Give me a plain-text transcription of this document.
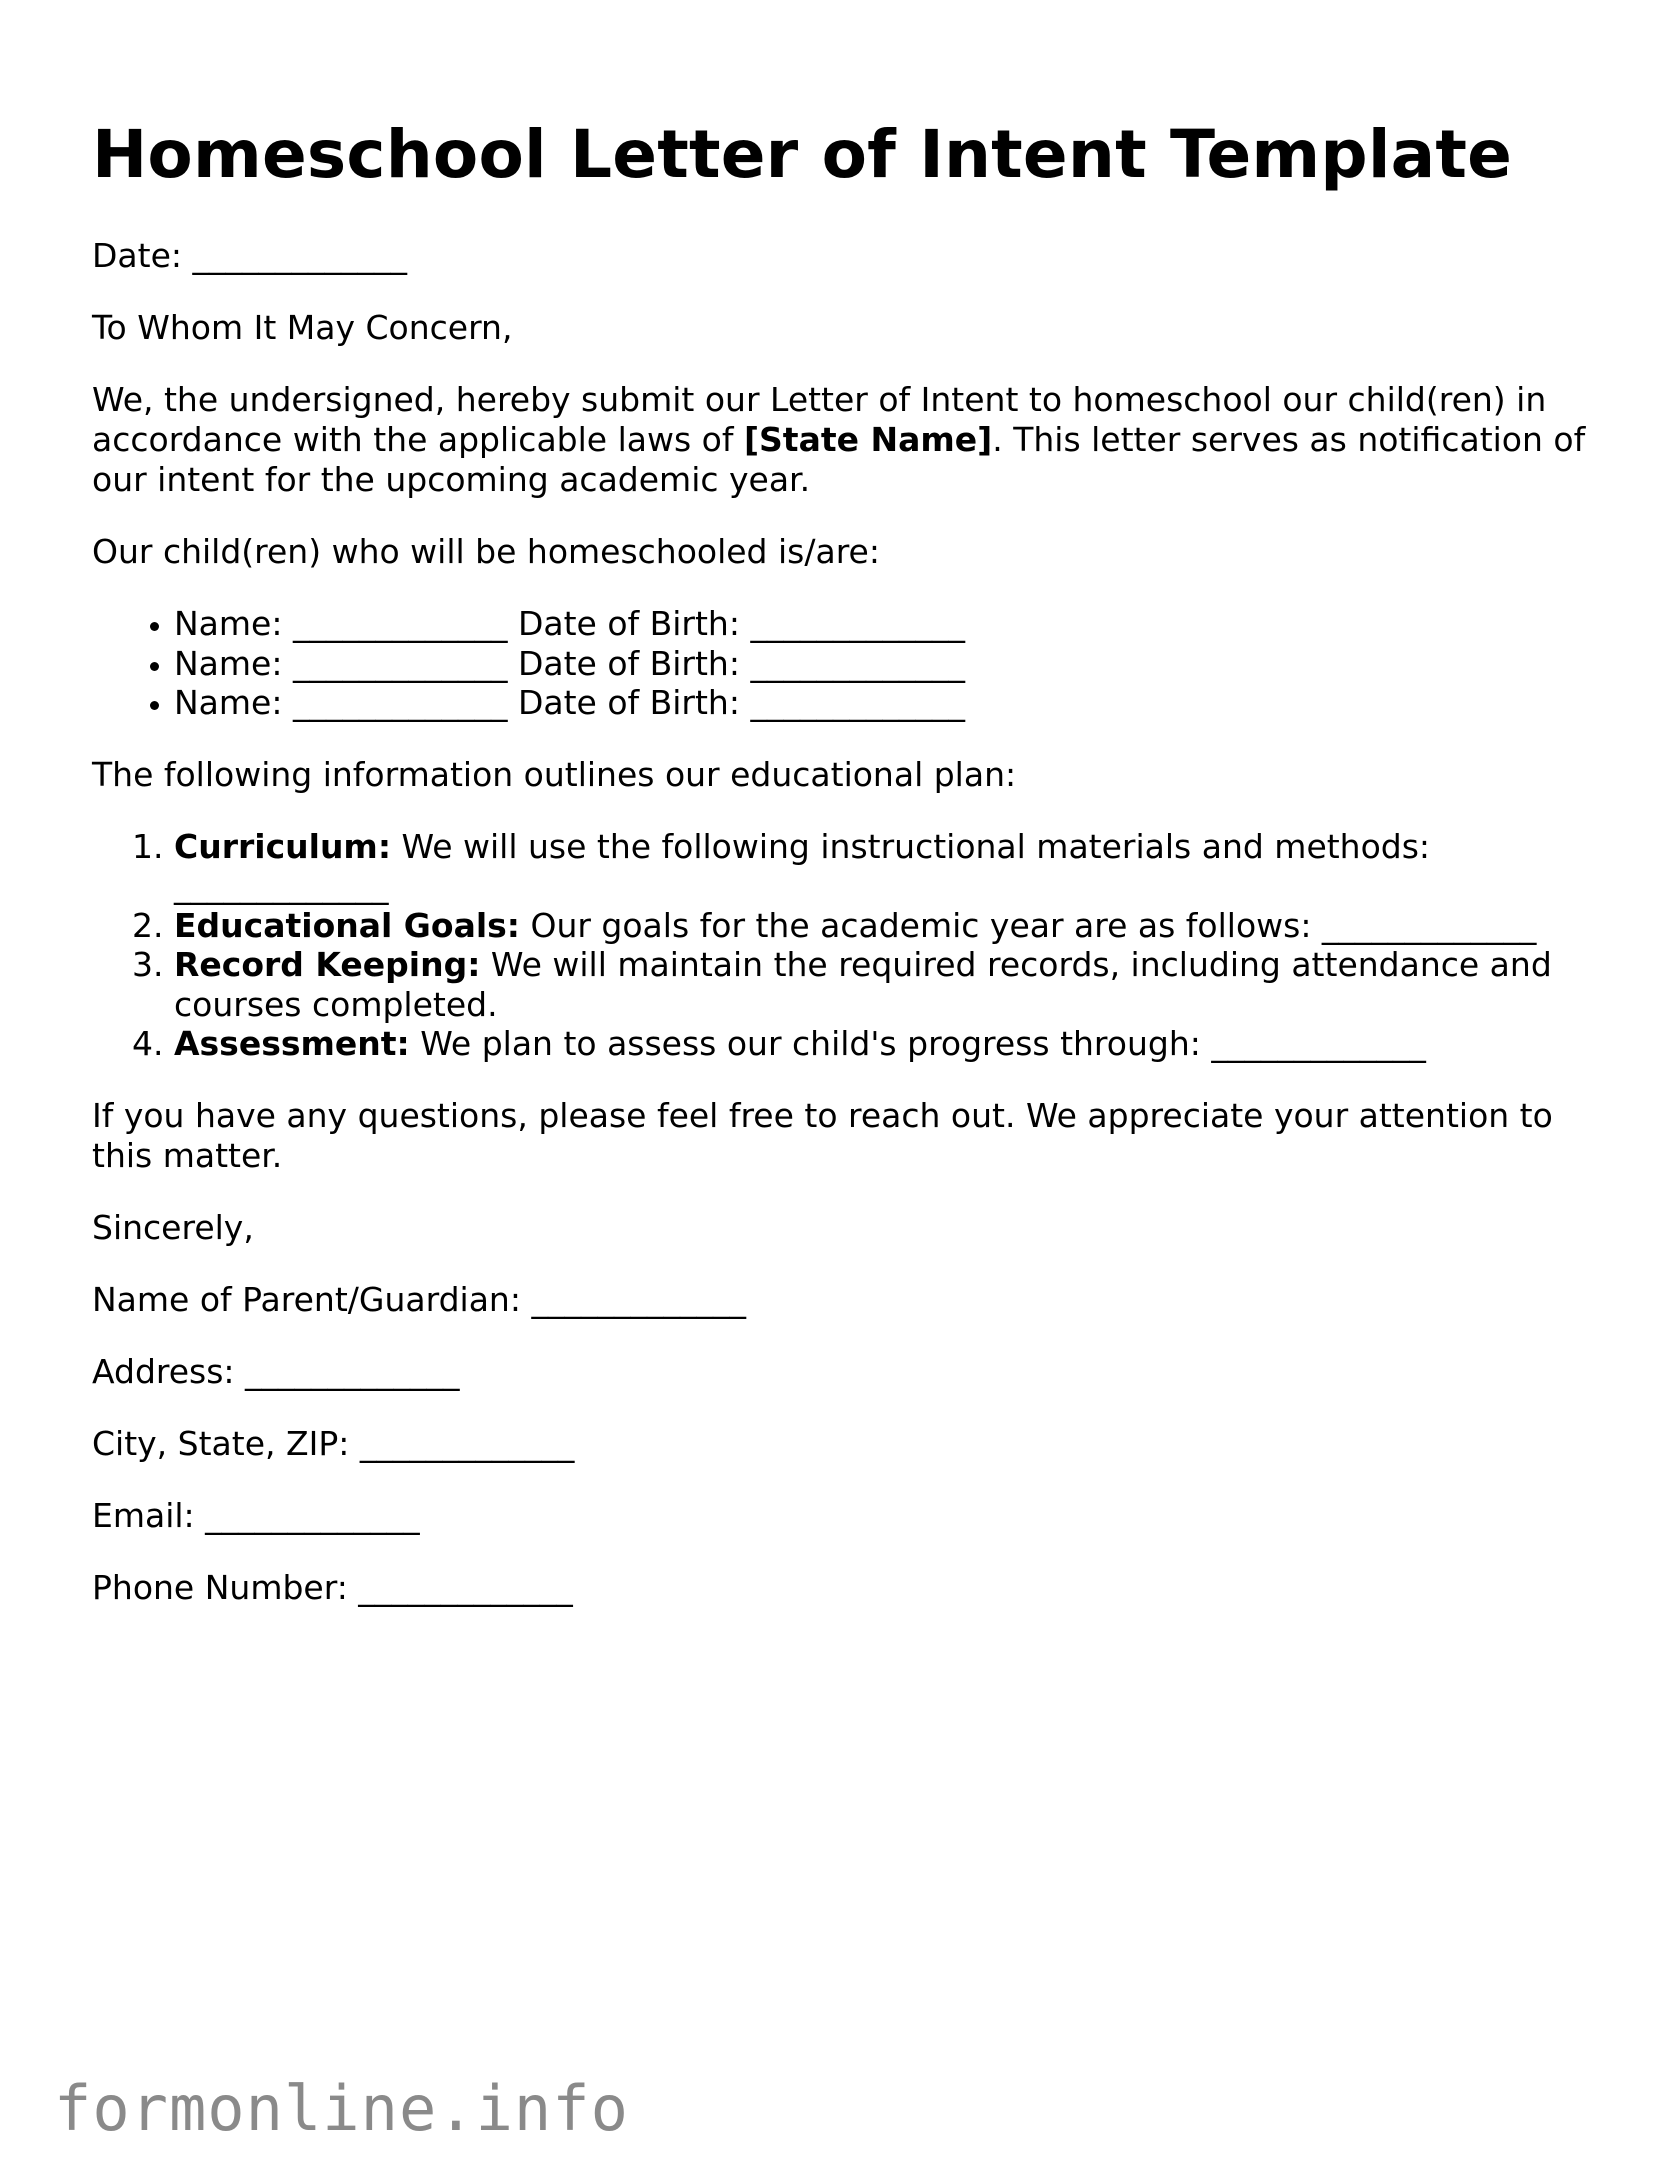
Homeschool Letter of Intent Template

Date: _____________

To Whom It May Concern,

We, the undersigned, hereby submit our Letter of Intent to homeschool our child(ren) in accordance with the applicable laws of [State Name]. This letter serves as notification of our intent for the upcoming academic year.

Our child(ren) who will be homeschooled is/are:

• Name: _____________ Date of Birth: _____________
• Name: _____________ Date of Birth: _____________
• Name: _____________ Date of Birth: _____________

The following information outlines our educational plan:

1. Curriculum: We will use the following instructional materials and methods: _____________
2. Educational Goals: Our goals for the academic year are as follows: _____________
3. Record Keeping: We will maintain the required records, including attendance and courses completed.
4. Assessment: We plan to assess our child's progress through: _____________

If you have any questions, please feel free to reach out. We appreciate your attention to this matter.

Sincerely,

Name of Parent/Guardian: _____________

Address: _____________

City, State, ZIP: _____________

Email: _____________

Phone Number: _____________

formonline.info
